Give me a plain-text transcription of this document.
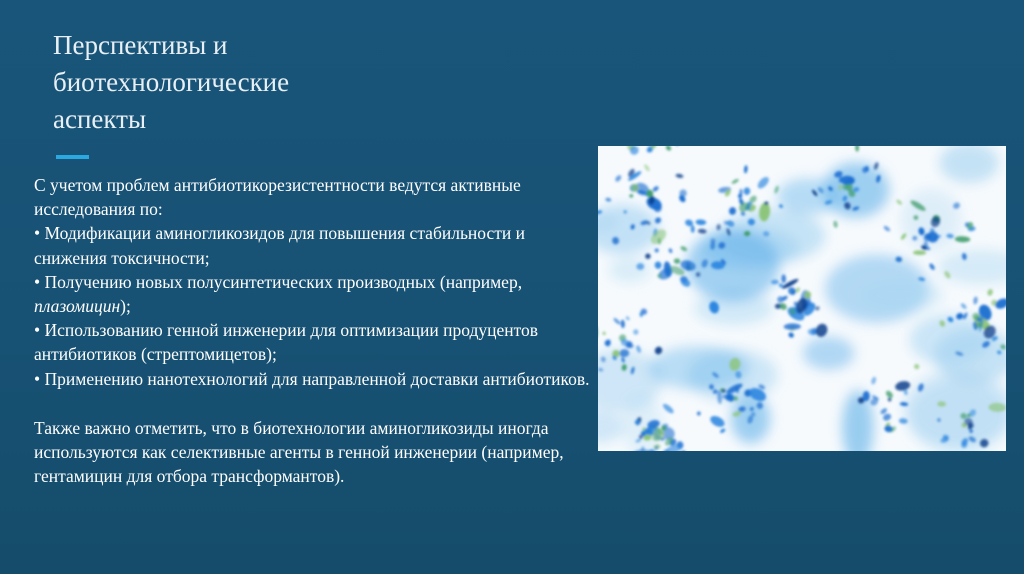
Перспективы и
биотехнологические
аспекты

С учетом проблем антибиотикорезистентности ведутся активные исследования по:

• Модификации аминогликозидов для повышения стабильности и снижения токсичности;

• Получению новых полусинтетических производных (например, плазомицин);

• Использованию генной инженерии для оптимизации продуцентов антибиотиков (стрептомицетов);

• Применению нанотехнологий для направленной доставки антибиотиков.

Также важно отметить, что в биотехнологии аминогликозиды иногда используются как селективные агенты в генной инженерии (например, гентамицин для отбора трансформантов).
